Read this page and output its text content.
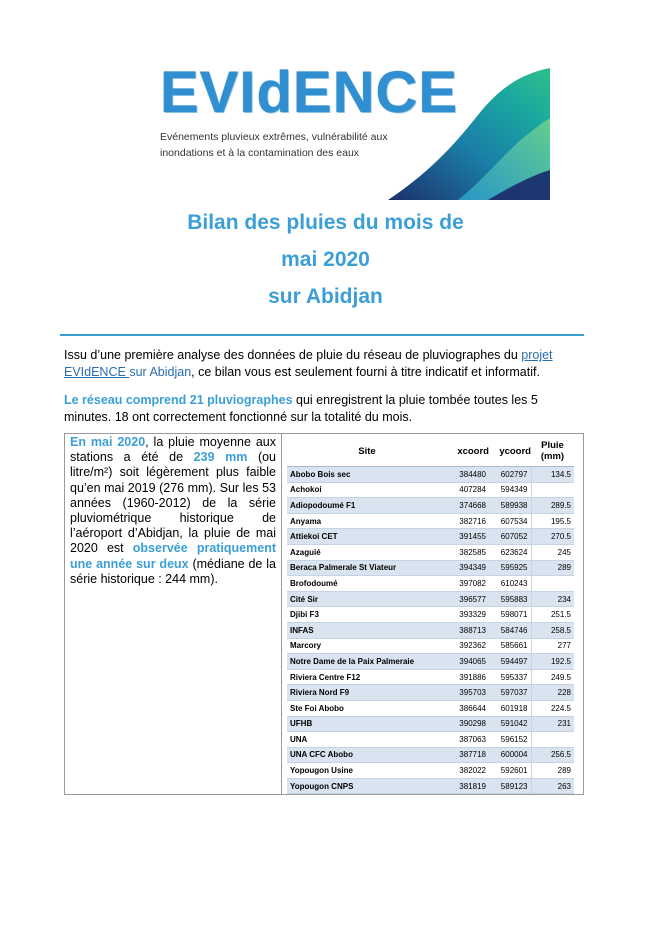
EVIdENCE
Evénements pluvieux extrêmes, vulnérabilité aux
inondations et à la contamination des eaux
Bilan des pluies du mois de
mai 2020
sur Abidjan
Issu d’une première analyse des données de pluie du réseau de pluviographes du projet EVIdENCE sur Abidjan, ce bilan vous est seulement fourni à titre indicatif et informatif.
Le réseau comprend 21 pluviographes qui enregistrent la pluie tombée toutes les 5 minutes. 18 ont correctement fonctionné sur la totalité du mois.
En mai 2020, la pluie moyenne aux stations a été de 239 mm (ou litre/m²) soit légèrement plus faible qu’en mai 2019 (276 mm). Sur les 53 années (1960-2012) de la série pluviométrique historique de l’aéroport d’Abidjan, la pluie de mai 2020 est observée pratiquement une année sur deux (médiane de la série historique : 244 mm).
Site	xcoord	ycoord	Pluie (mm)
Abobo Bois sec	384480	602797	134.5
Achokoi	407284	594349	
Adiopodoumé F1	374668	589938	289.5
Anyama	382716	607534	195.5
Attiekoi CET	391455	607052	270.5
Azaguié	382585	623624	245
Beraca Palmerale St Viateur	394349	595925	289
Brofodoumé	397082	610243	
Cité Sir	396577	595883	234
Djibi F3	393329	598071	251.5
INFAS	388713	584746	258.5
Marcory	392362	585661	277
Notre Dame de la Paix Palmeraie	394065	594497	192.5
Riviera Centre F12	391886	595337	249.5
Riviera Nord F9	395703	597037	228
Ste Foi Abobo	386644	601918	224.5
UFHB	390298	591042	231
UNA	387063	596152	
UNA CFC Abobo	387718	600004	256.5
Yopougon Usine	382022	592601	289
Yopougon CNPS	381819	589123	263
